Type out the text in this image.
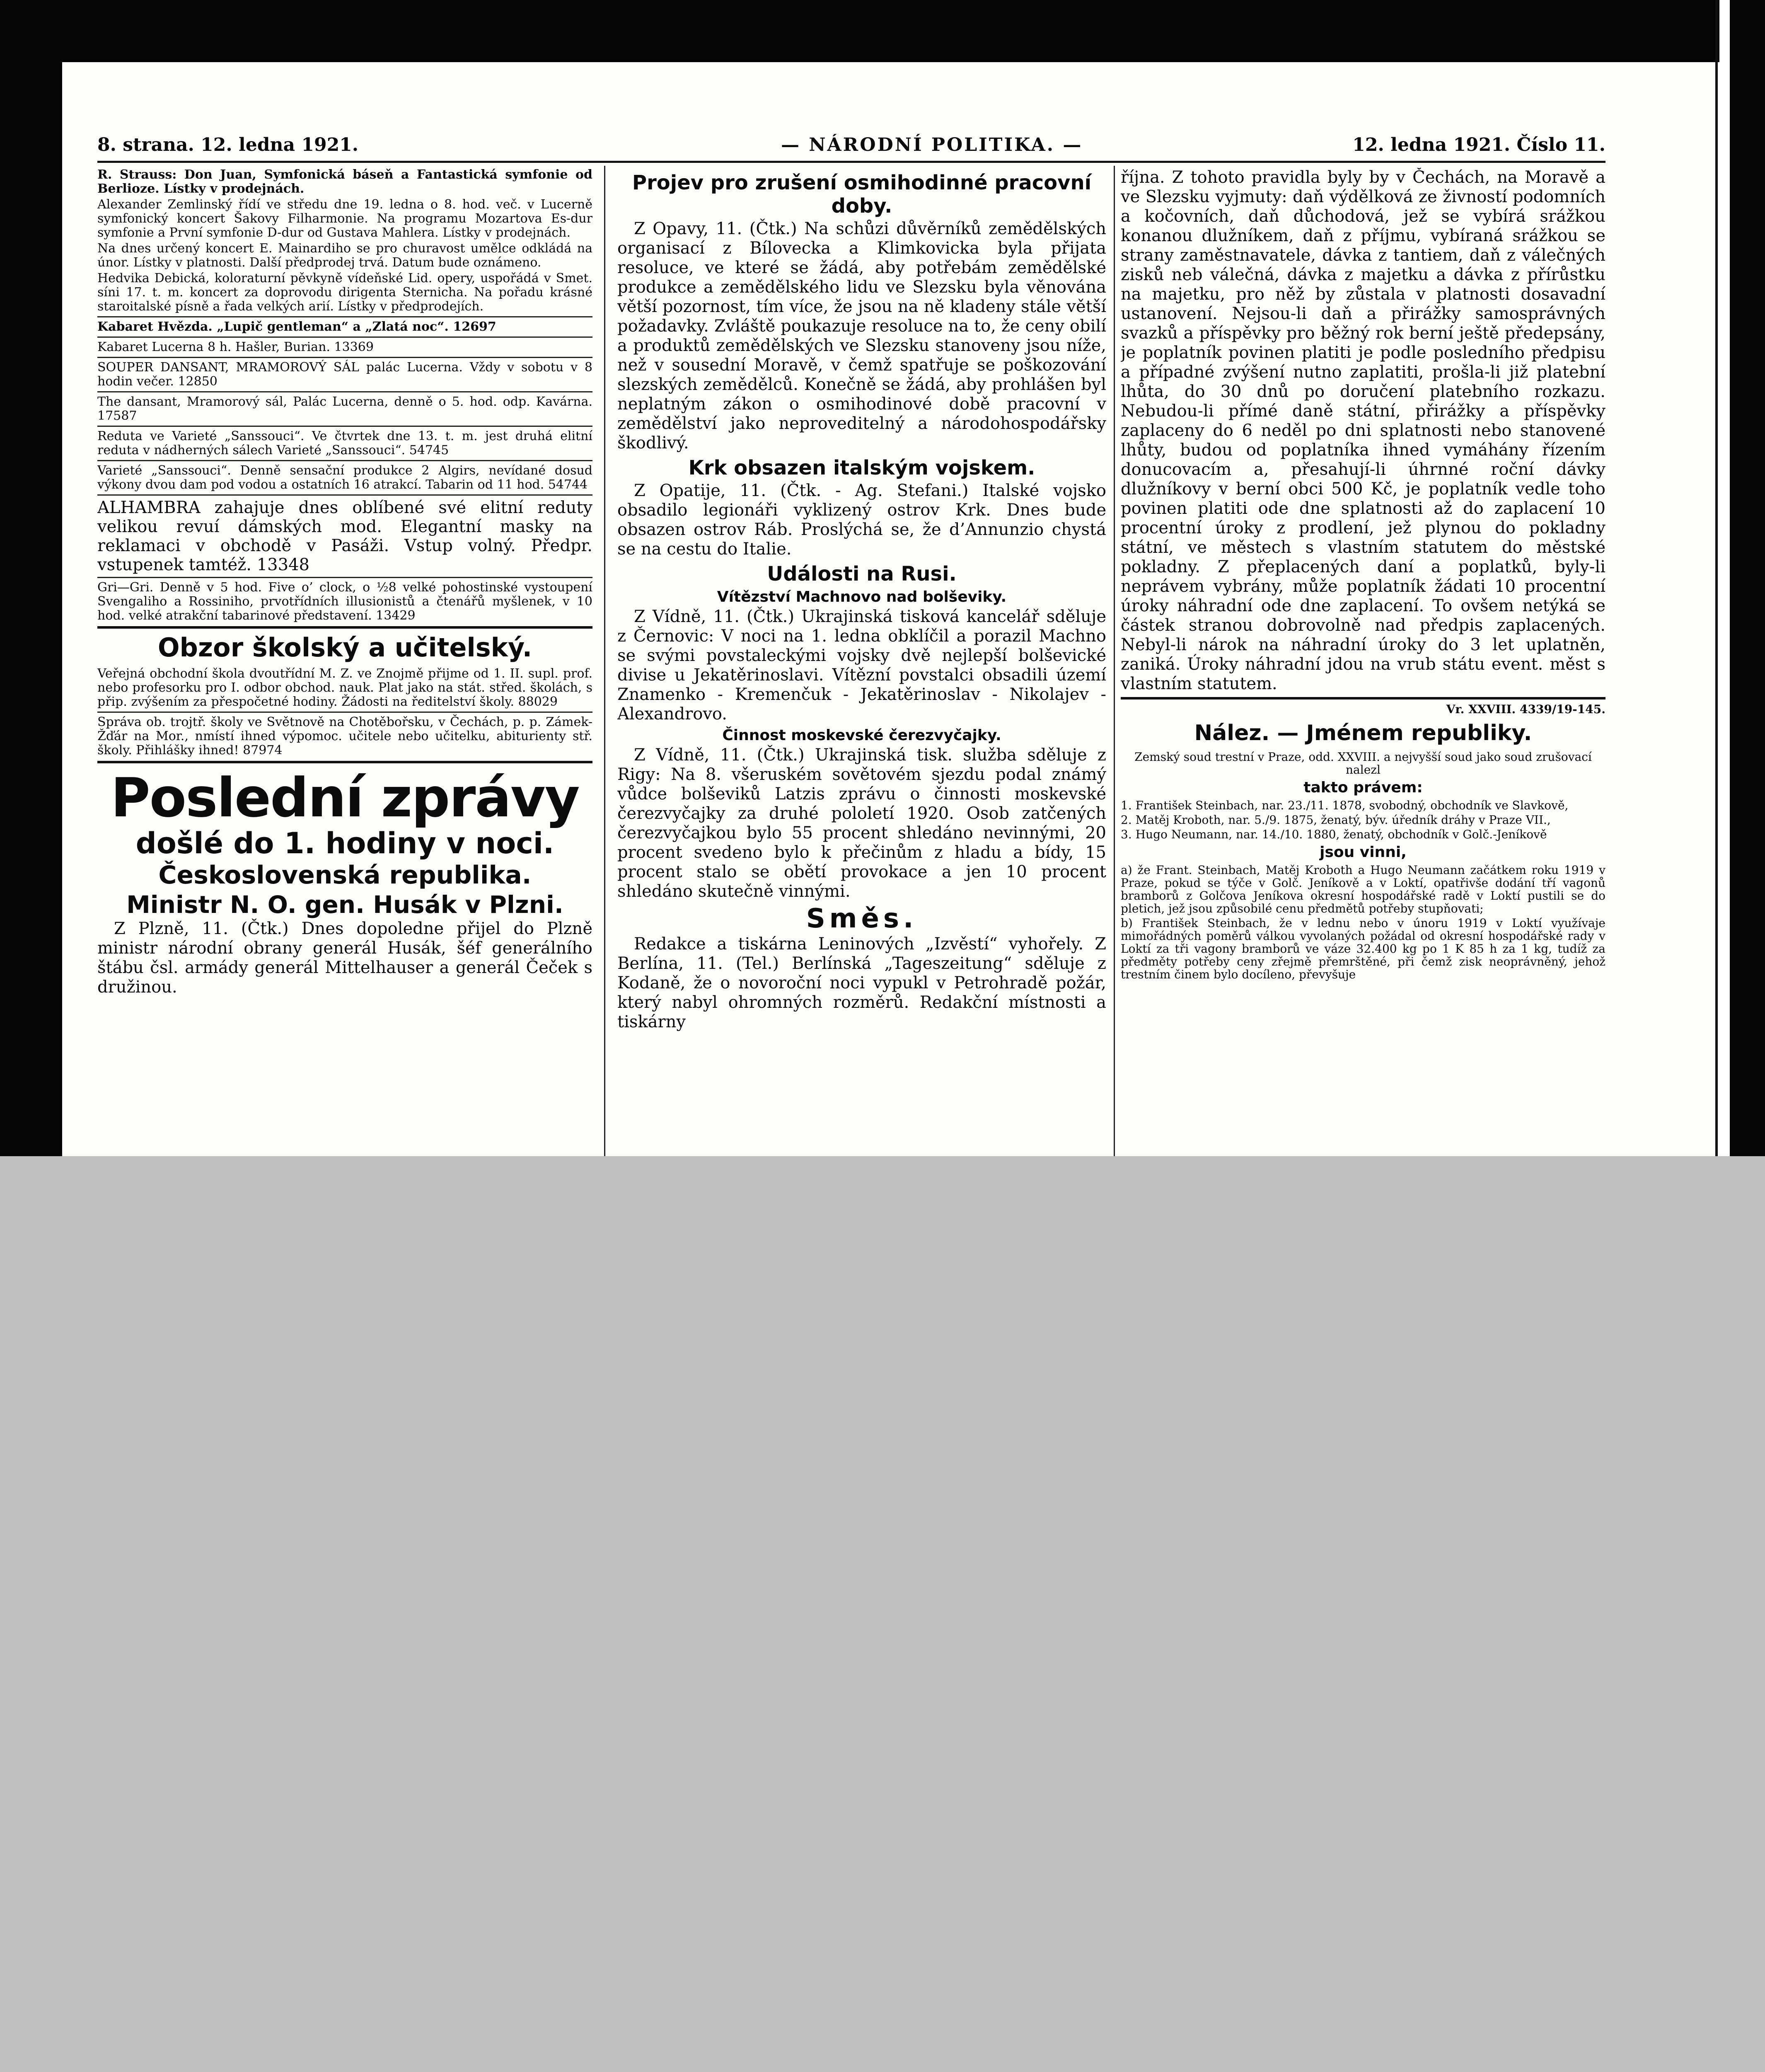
8. strana. 12. ledna 1921.	— NÁRODNÍ POLITIKA. —	12. ledna 1921. Číslo 11.

R. Strauss: Don Juan, Symfonická báseň a Fantastická symfonie od Berlioze. Lístky v prodejnách.

Alexander Zemlinský řídí ve středu dne 19. ledna o 8. hod. več. v Lucerně symfonický koncert Šakovy Filharmonie. Na programu Mozartova Es-dur symfonie a První symfonie D-dur od Gustava Mahlera. Lístky v prodejnách.

Na dnes určený koncert E. Mainardiho se pro churavost umělce odkládá na únor. Lístky v platnosti. Další předprodej trvá. Datum bude oznámeno.

Hedvika Debická, koloraturní pěvkyně vídeňské Lid. opery, uspořádá v Smet. síni 17. t. m. koncert za doprovodu dirigenta Sternicha. Na pořadu krásné staroitalské písně a řada velkých arií. Lístky v předprodejích.

Kabaret Hvězda. „Lupič gentleman“ a „Zlatá noc“. 12697

Kabaret Lucerna 8 h. Hašler, Burian. 13369

SOUPER DANSANT, MRAMOROVÝ SÁL palác Lucerna. Vždy v sobotu v 8 hodin večer. 12850

The dansant, Mramorový sál, Palác Lucerna, denně o 5. hod. odp. Kavárna. 17587

Reduta ve Varieté „Sanssouci“. Ve čtvrtek dne 13. t. m. jest druhá elitní reduta v nádherných sálech Varieté „Sanssouci“. 54745

Varieté „Sanssouci“. Denně sensační produkce 2 Algirs, nevídané dosud výkony dvou dam pod vodou a ostatních 16 atrakcí. Tabarin od 11 hod. 54744

ALHAMBRA zahajuje dnes oblíbené své elitní reduty velikou revuí dámských mod. Elegantní masky na reklamaci v obchodě v Pasáži. Vstup volný. Předpr. vstupenek tamtéž. 13348

Gri—Gri. Denně v 5 hod. Five o’ clock, o ½8 velké pohostinské vystoupení Svengaliho a Rossiniho, prvotřídních illusionistů a čtenářů myšlenek, v 10 hod. velké atrakční tabarinové představení. 13429

Obzor školský a učitelský.

Veřejná obchodní škola dvoutřídní M. Z. ve Znojmě přijme od 1. II. supl. prof. nebo profesorku pro I. odbor obchod. nauk. Plat jako na stát. střed. školách, s přip. zvýšením za přespočetné hodiny. Žádosti na ředitelství školy. 88029

Správa ob. trojtř. školy ve Světnově na Chotěbořsku, v Čechách, p. p. Zámek-Žďár na Mor., nmístí ihned výpomoc. učitele nebo učitelku, abiturienty stř. školy. Přihlášky ihned! 87974

Poslední zprávy
došlé do 1. hodiny v noci.
Československá republika.
Ministr N. O. gen. Husák v Plzni.

Z Plzně, 11. (Čtk.) Dnes dopoledne přijel do Plzně ministr národní obrany generál Husák, šéf generálního štábu čsl. armády generál Mittelhauser a generál Čeček s družinou.

Projev pro zrušení osmihodinné pracovní doby.

Z Opavy, 11. (Čtk.) Na schůzi důvěrníků zemědělských organisací z Bílovecka a Klimkovicka byla přijata resoluce, ve které se žádá, aby potřebám zemědělské produkce a zemědělského lidu ve Slezsku byla věnována větší pozornost, tím více, že jsou na ně kladeny stále větší požadavky. Zvláště poukazuje resoluce na to, že ceny obilí a produktů zemědělských ve Slezsku stanoveny jsou níže, než v sousední Moravě, v čemž spatřuje se poškozování slezských zemědělců. Konečně se žádá, aby prohlášen byl neplatným zákon o osmihodinové době pracovní v zemědělství jako neproveditelný a národohospodářsky škodlivý.

Krk obsazen italským vojskem.

Z Opatije, 11. (Čtk. - Ag. Stefani.) Italské vojsko obsadilo legionáři vyklizený ostrov Krk. Dnes bude obsazen ostrov Ráb. Proslýchá se, že d’Annunzio chystá se na cestu do Italie.

Události na Rusi.
Vítězství Machnovo nad bolševiky.

Z Vídně, 11. (Čtk.) Ukrajinská tisková kancelář sděluje z Černovic: V noci na 1. ledna obklíčil a porazil Machno se svými povstaleckými vojsky dvě nejlepší bolševické divise u Jekatěrinoslavi. Vítězní povstalci obsadili území Znamenko - Kremenčuk - Jekatěrinoslav - Nikolajev - Alexandrovo.

Činnost moskevské čerezvyčajky.

Z Vídně, 11. (Čtk.) Ukrajinská tisk. služba sděluje z Rigy: Na 8. všeruském sovětovém sjezdu podal známý vůdce bolševiků Latzis zprávu o činnosti moskevské čerezvyčajky za druhé pololetí 1920. Osob zatčených čerezvyčajkou bylo 55 procent shledáno nevinnými, 20 procent svedeno bylo k přečinům z hladu a bídy, 15 procent stalo se obětí provokace a jen 10 procent shledáno skutečně vinnými.

Směs.

Redakce a tiskárna Leninových „Izvěstí“ vyhořely. Z Berlína, 11. (Tel.) Berlínská „Tageszeitung“ sděluje z Kodaně, že o novoroční noci vypukl v Petrohradě požár, který nabyl ohromných rozměrů. Redakční místnosti a tiskárny

října. Z tohoto pravidla byly by v Čechách, na Moravě a ve Slezsku vyjmuty: daň výdělková ze živností podomních a kočovních, daň důchodová, jež se vybírá srážkou konanou dlužníkem, daň z příjmu, vybíraná srážkou se strany zaměstnavatele, dávka z tantiem, daň z válečných zisků neb válečná, dávka z majetku a dávka z přírůstku na majetku, pro něž by zůstala v platnosti dosavadní ustanovení. Nejsou-li daň a přirážky samosprávných svazků a příspěvky pro běžný rok berní ještě předepsány, je poplatník povinen platiti je podle posledního předpisu a případné zvýšení nutno zaplatiti, prošla-li již platební lhůta, do 30 dnů po doručení platebního rozkazu. Nebudou-li přímé daně státní, přirážky a příspěvky zaplaceny do 6 neděl po dni splatnosti nebo stanovené lhůty, budou od poplatníka ihned vymáhány řízením donucovacím a, přesahují-li úhrnné roční dávky dlužníkovy v berní obci 500 Kč, je poplatník vedle toho povinen platiti ode dne splatnosti až do zaplacení 10 procentní úroky z prodlení, jež plynou do pokladny státní, ve městech s vlastním statutem do městské pokladny. Z přeplacených daní a poplatků, byly-li neprávem vybrány, může poplatník žádati 10 procentní úroky náhradní ode dne zaplacení. To ovšem netýká se částek stranou dobrovolně nad předpis zaplacených. Nebyl-li nárok na náhradní úroky do 3 let uplatněn, zaniká. Úroky náhradní jdou na vrub státu event. měst s vlastním statutem.

Vr. XXVIII. 4339/19-145.

Nález. — Jménem republiky.

Zemský soud trestní v Praze, odd. XXVIII. a nejvyšší soud jako soud zrušovací nalezl

takto právem:

1. František Steinbach, nar. 23./11. 1878, svobodný, obchodník ve Slavkově,

2. Matěj Kroboth, nar. 5./9. 1875, ženatý, býv. úředník dráhy v Praze VII.,

3. Hugo Neumann, nar. 14./10. 1880, ženatý, obchodník v Golč.-Jeníkově

jsou vinni,

a) že Frant. Steinbach, Matěj Kroboth a Hugo Neumann začátkem roku 1919 v Praze, pokud se týče v Golč. Jeníkově a v Loktí, opatřivše dodání tří vagonů bramborů z Golčova Jeníkova okresní hospodářské radě v Loktí pustili se do pletich, jež jsou způsobilé cenu předmětů potřeby stupňovati;

b) František Steinbach, že v lednu nebo v únoru 1919 v Loktí využívaje mimořádných poměrů válkou vyvolaných požádal od okresní hospodářské rady v Loktí za tři vagony bramborů ve váze 32.400 kg po 1 K 85 h za 1 kg, tudíž za předměty potřeby ceny zřejmě přemrštěné, při čemž zisk neoprávněný, jehož trestním činem bylo docíleno, převyšuje
